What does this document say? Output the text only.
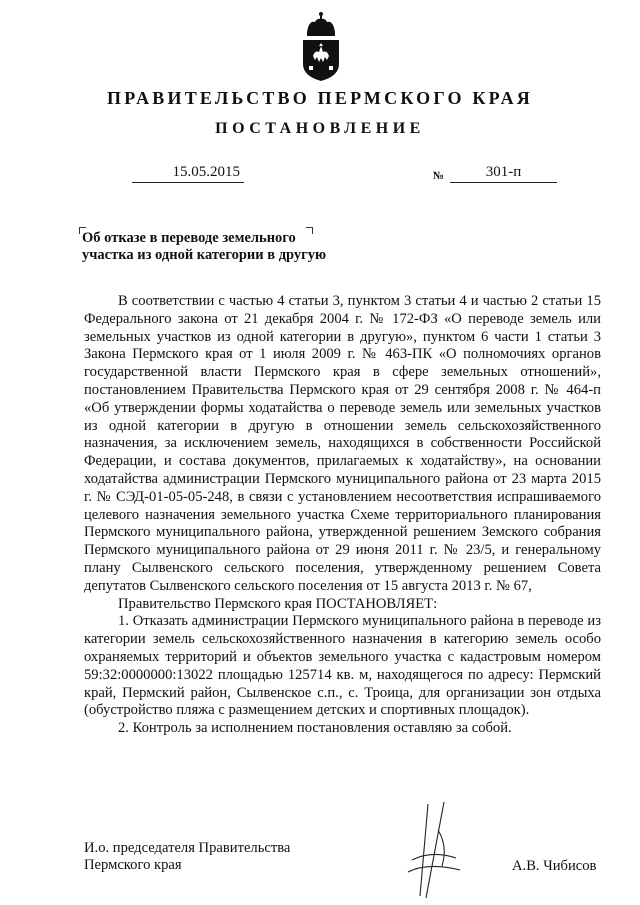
ПРАВИТЕЛЬСТВО ПЕРМСКОГО КРАЯ
ПОСТАНОВЛЕНИЕ
15.05.2015	№	301-п
Об отказе в переводе земельного
участка из одной категории в другую

В соответствии с частью 4 статьи 3, пунктом 3 статьи 4 и частью 2 статьи 15 Федерального закона от 21 декабря 2004 г. № 172-ФЗ «О переводе земель или земельных участков из одной категории в другую», пунктом 6 части 1 статьи 3 Закона Пермского края от 1 июля 2009 г. № 463-ПК «О полномочиях органов государственной власти Пермского края в сфере земельных отношений», постановлением Правительства Пермского края от 29 сентября 2008 г. № 464-п «Об утверждении формы ходатайства о переводе земель или земельных участков из одной категории в другую в отношении земель сельскохозяйственного назначения, за исключением земель, находящихся в собственности Российской Федерации, и состава документов, прилагаемых к ходатайству», на основании ходатайства администрации Пермского муниципального района от 23 марта 2015 г. № СЭД-01-05-05-248, в связи с установлением несоответствия испрашиваемого целевого назначения земельного участка Схеме территориального планирования Пермского муниципального района, утвержденной решением Земского собрания Пермского муниципального района от 29 июня 2011 г. № 23/5, и генеральному плану Сылвенского сельского поселения, утвержденному решением Совета депутатов Сылвенского сельского поселения от 15 августа 2013 г. № 67,

Правительство Пермского края ПОСТАНОВЛЯЕТ:

1. Отказать администрации Пермского муниципального района в переводе из категории земель сельскохозяйственного назначения в категорию земель особо охраняемых территорий и объектов земельного участка с кадастровым номером 59:32:0000000:13022 площадью 125714 кв. м, находящегося по адресу: Пермский край, Пермский район, Сылвенское с.п., с. Троица, для организации зон отдыха (обустройство пляжа с размещением детских и спортивных площадок).

2. Контроль за исполнением постановления оставляю за собой.

И.о. председателя Правительства
Пермского края	А.В. Чибисов
